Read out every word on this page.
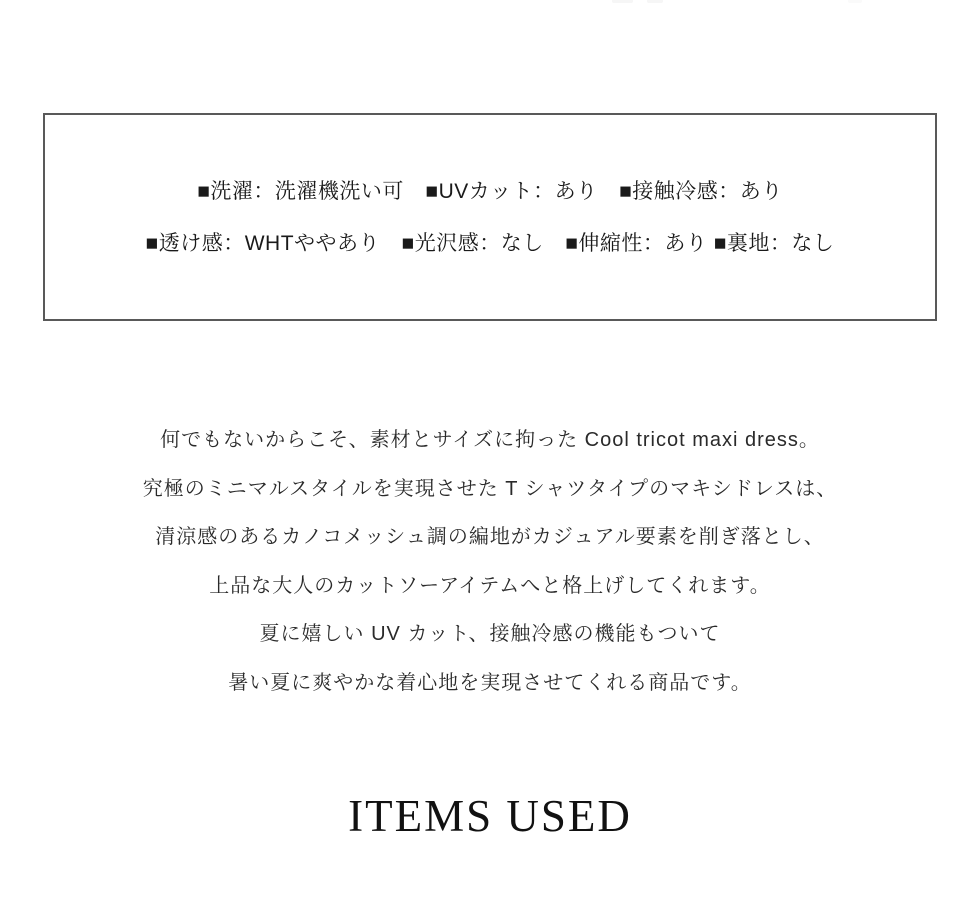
■洗濯：洗濯機洗い可　■UVカット：あり　■接触冷感：あり
■透け感：WHTややあり　■光沢感：なし　■伸縮性：あり ■裏地：なし

何でもないからこそ、素材とサイズに拘った Cool tricot maxi dress。

究極のミニマルスタイルを実現させた T シャツタイプのマキシドレスは、

清涼感のあるカノコメッシュ調の編地がカジュアル要素を削ぎ落とし、

上品な大人のカットソーアイテムへと格上げしてくれます。

夏に嬉しい UV カット、接触冷感の機能もついて

暑い夏に爽やかな着心地を実現させてくれる商品です。

ITEMS USED
